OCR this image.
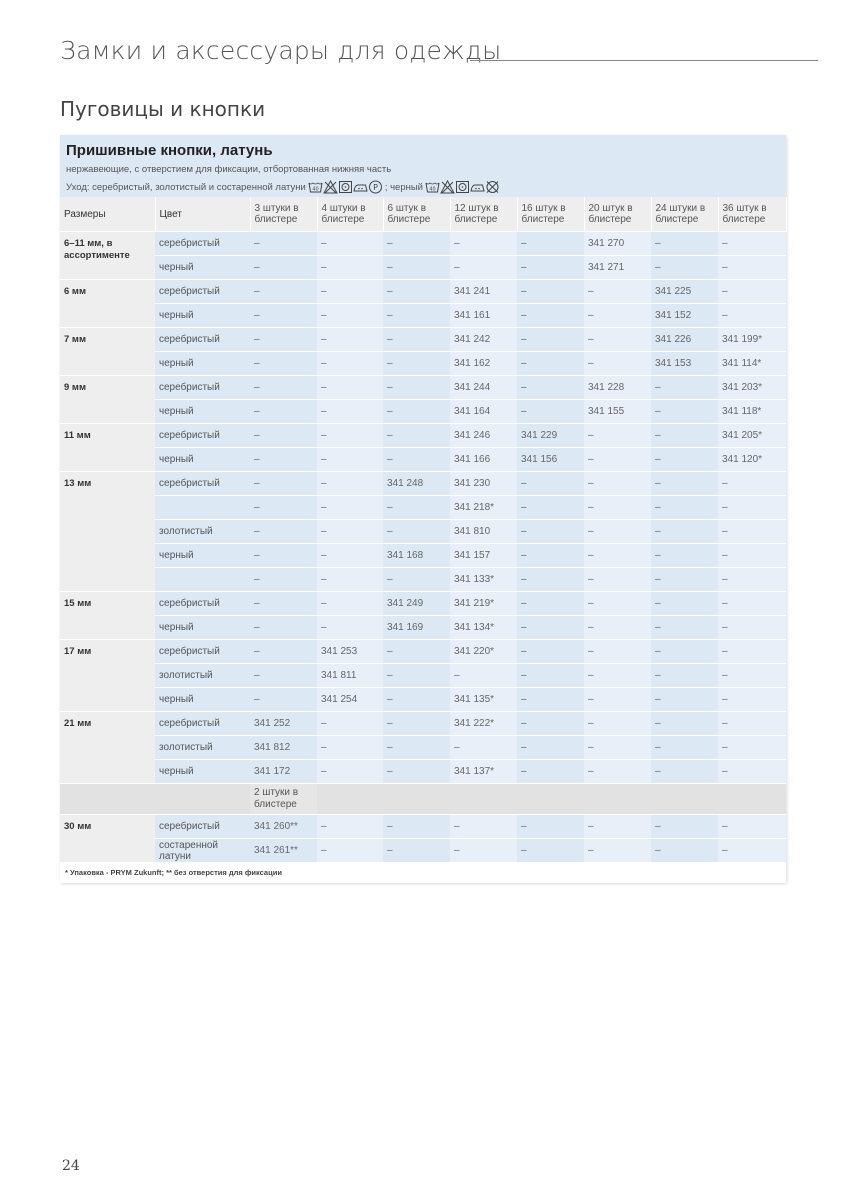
Замки и аксессуары для одежды
Пуговицы и кнопки
Пришивные кнопки, латунь
нержавеющие, с отверстием для фиксации, отбортованная нижняя часть
Уход: серебристый, золотистый и состаренной латуни 40	P ; черный 40
Размеры	Цвет	3 штуки в блистере	4 штуки в блистере	6 штук в блистере	12 штук в блистере	16 штук в блистере	20 штук в блистере	24 штуки в блистере	36 штук в блистере
6–11 мм, в ассортименте	серебристый	–	–	–	–	–	341 270	–	–
	черный	–	–	–	–	–	341 271	–	–
6 мм	серебристый	–	–	–	341 241	–	–	341 225	–
	черный	–	–	–	341 161	–	–	341 152	–
7 мм	серебристый	–	–	–	341 242	–	–	341 226	341 199*
	черный	–	–	–	341 162	–	–	341 153	341 114*
9 мм	серебристый	–	–	–	341 244	–	341 228	–	341 203*
	черный	–	–	–	341 164	–	341 155	–	341 118*
11 мм	серебристый	–	–	–	341 246	341 229	–	–	341 205*
	черный	–	–	–	341 166	341 156	–	–	341 120*
13 мм	серебристый	–	–	341 248	341 230	–	–	–	–
		–	–	–	341 218*	–	–	–	–
	золотистый	–	–	–	341 810	–	–	–	–
	черный	–	–	341 168	341 157	–	–	–	–
		–	–	–	341 133*	–	–	–	–
15 мм	серебристый	–	–	341 249	341 219*	–	–	–	–
	черный	–	–	341 169	341 134*	–	–	–	–
17 мм	серебристый	–	341 253	–	341 220*	–	–	–	–
	золотистый	–	341 811	–	–	–	–	–	–
	черный	–	341 254	–	341 135*	–	–	–	–
21 мм	серебристый	341 252	–	–	341 222*	–	–	–	–
	золотистый	341 812	–	–	–	–	–	–	–
	черный	341 172	–	–	341 137*	–	–	–	–
		2 штуки в блистере							
30 мм	серебристый	341 260**	–	–	–	–	–	–	–
	состаренной латуни	341 261**	–	–	–	–	–	–	–
* Упаковка - PRYM Zukunft; ** без отверстия для фиксации
24
